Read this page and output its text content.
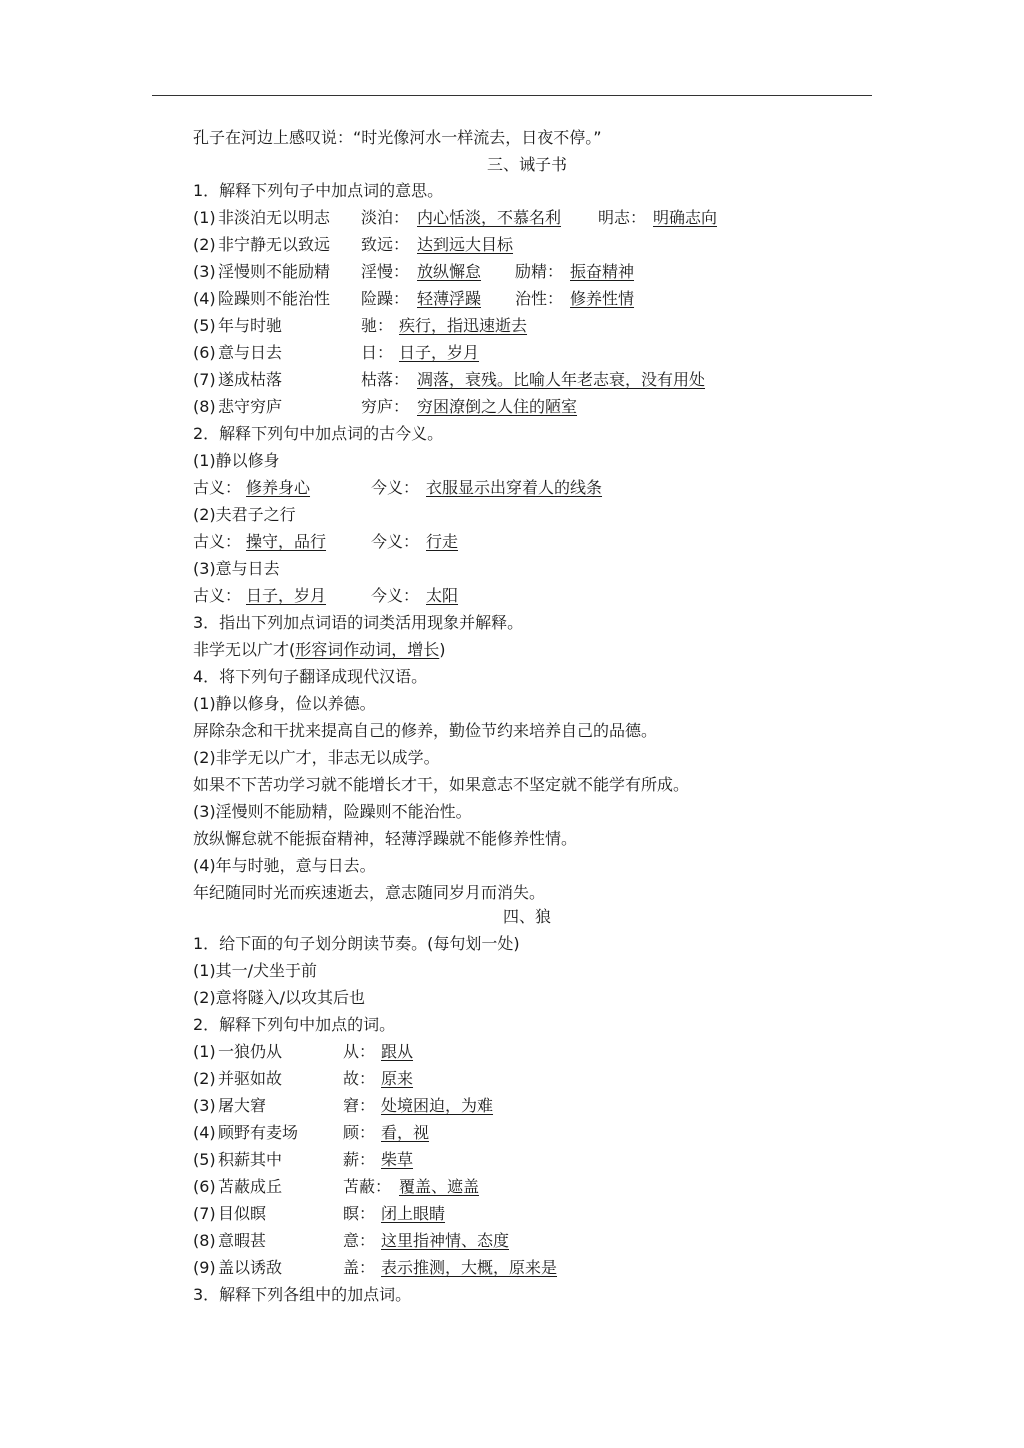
孔子在河边上感叹说：“时光像河水一样流去，日夜不停。”
三、诫子书
1．解释下列句子中加点词的意思。
(1) 非淡泊无以明志 淡泊： 内心恬淡，不慕名利 明志： 明确志向
(2) 非宁静无以致远 致远： 达到远大目标
(3) 淫慢则不能励精 淫慢： 放纵懈怠 励精： 振奋精神
(4) 险躁则不能治性 险躁： 轻薄浮躁 治性： 修养性情
(5) 年与时驰	驰： 疾行，指迅速逝去
(6) 意与日去	日： 日子，岁月
(7) 遂成枯落	枯落： 凋落，衰残。比喻人年老志衰，没有用处
(8) 悲守穷庐	穷庐： 穷困潦倒之人住的陋室
2．解释下列句中加点词的古今义。
(1)静以修身
古义： 修养身心	今义： 衣服显示出穿着人的线条
(2)夫君子之行
古义： 操守，品行	今义： 行走
(3)意与日去
古义： 日子，岁月	今义： 太阳
3．指出下列加点词语的词类活用现象并解释。
非学无以广才(形容词作动词，增长)
4．将下列句子翻译成现代汉语。
(1)静以修身，俭以养德。
屏除杂念和干扰来提高自己的修养，勤俭节约来培养自己的品德。
(2)非学无以广才，非志无以成学。
如果不下苦功学习就不能增长才干，如果意志不坚定就不能学有所成。
(3)淫慢则不能励精，险躁则不能治性。
放纵懈怠就不能振奋精神，轻薄浮躁就不能修养性情。
(4)年与时驰，意与日去。
年纪随同时光而疾速逝去，意志随同岁月而消失。
四、狼
1．给下面的句子划分朗读节奏。(每句划一处)
(1)其一/犬坐于前
(2)意将隧入/以攻其后也
2．解释下列句中加点的词。
(1) 一狼仍从	从： 跟从
(2) 并驱如故	故： 原来
(3) 屠大窘	窘： 处境困迫，为难
(4) 顾野有麦场	顾： 看，视
(5) 积薪其中	薪： 柴草
(6) 苫蔽成丘	苫蔽： 覆盖、遮盖
(7) 目似瞑	瞑： 闭上眼睛
(8) 意暇甚	意： 这里指神情、态度
(9) 盖以诱敌	盖： 表示推测，大概，原来是
3．解释下列各组中的加点词。
